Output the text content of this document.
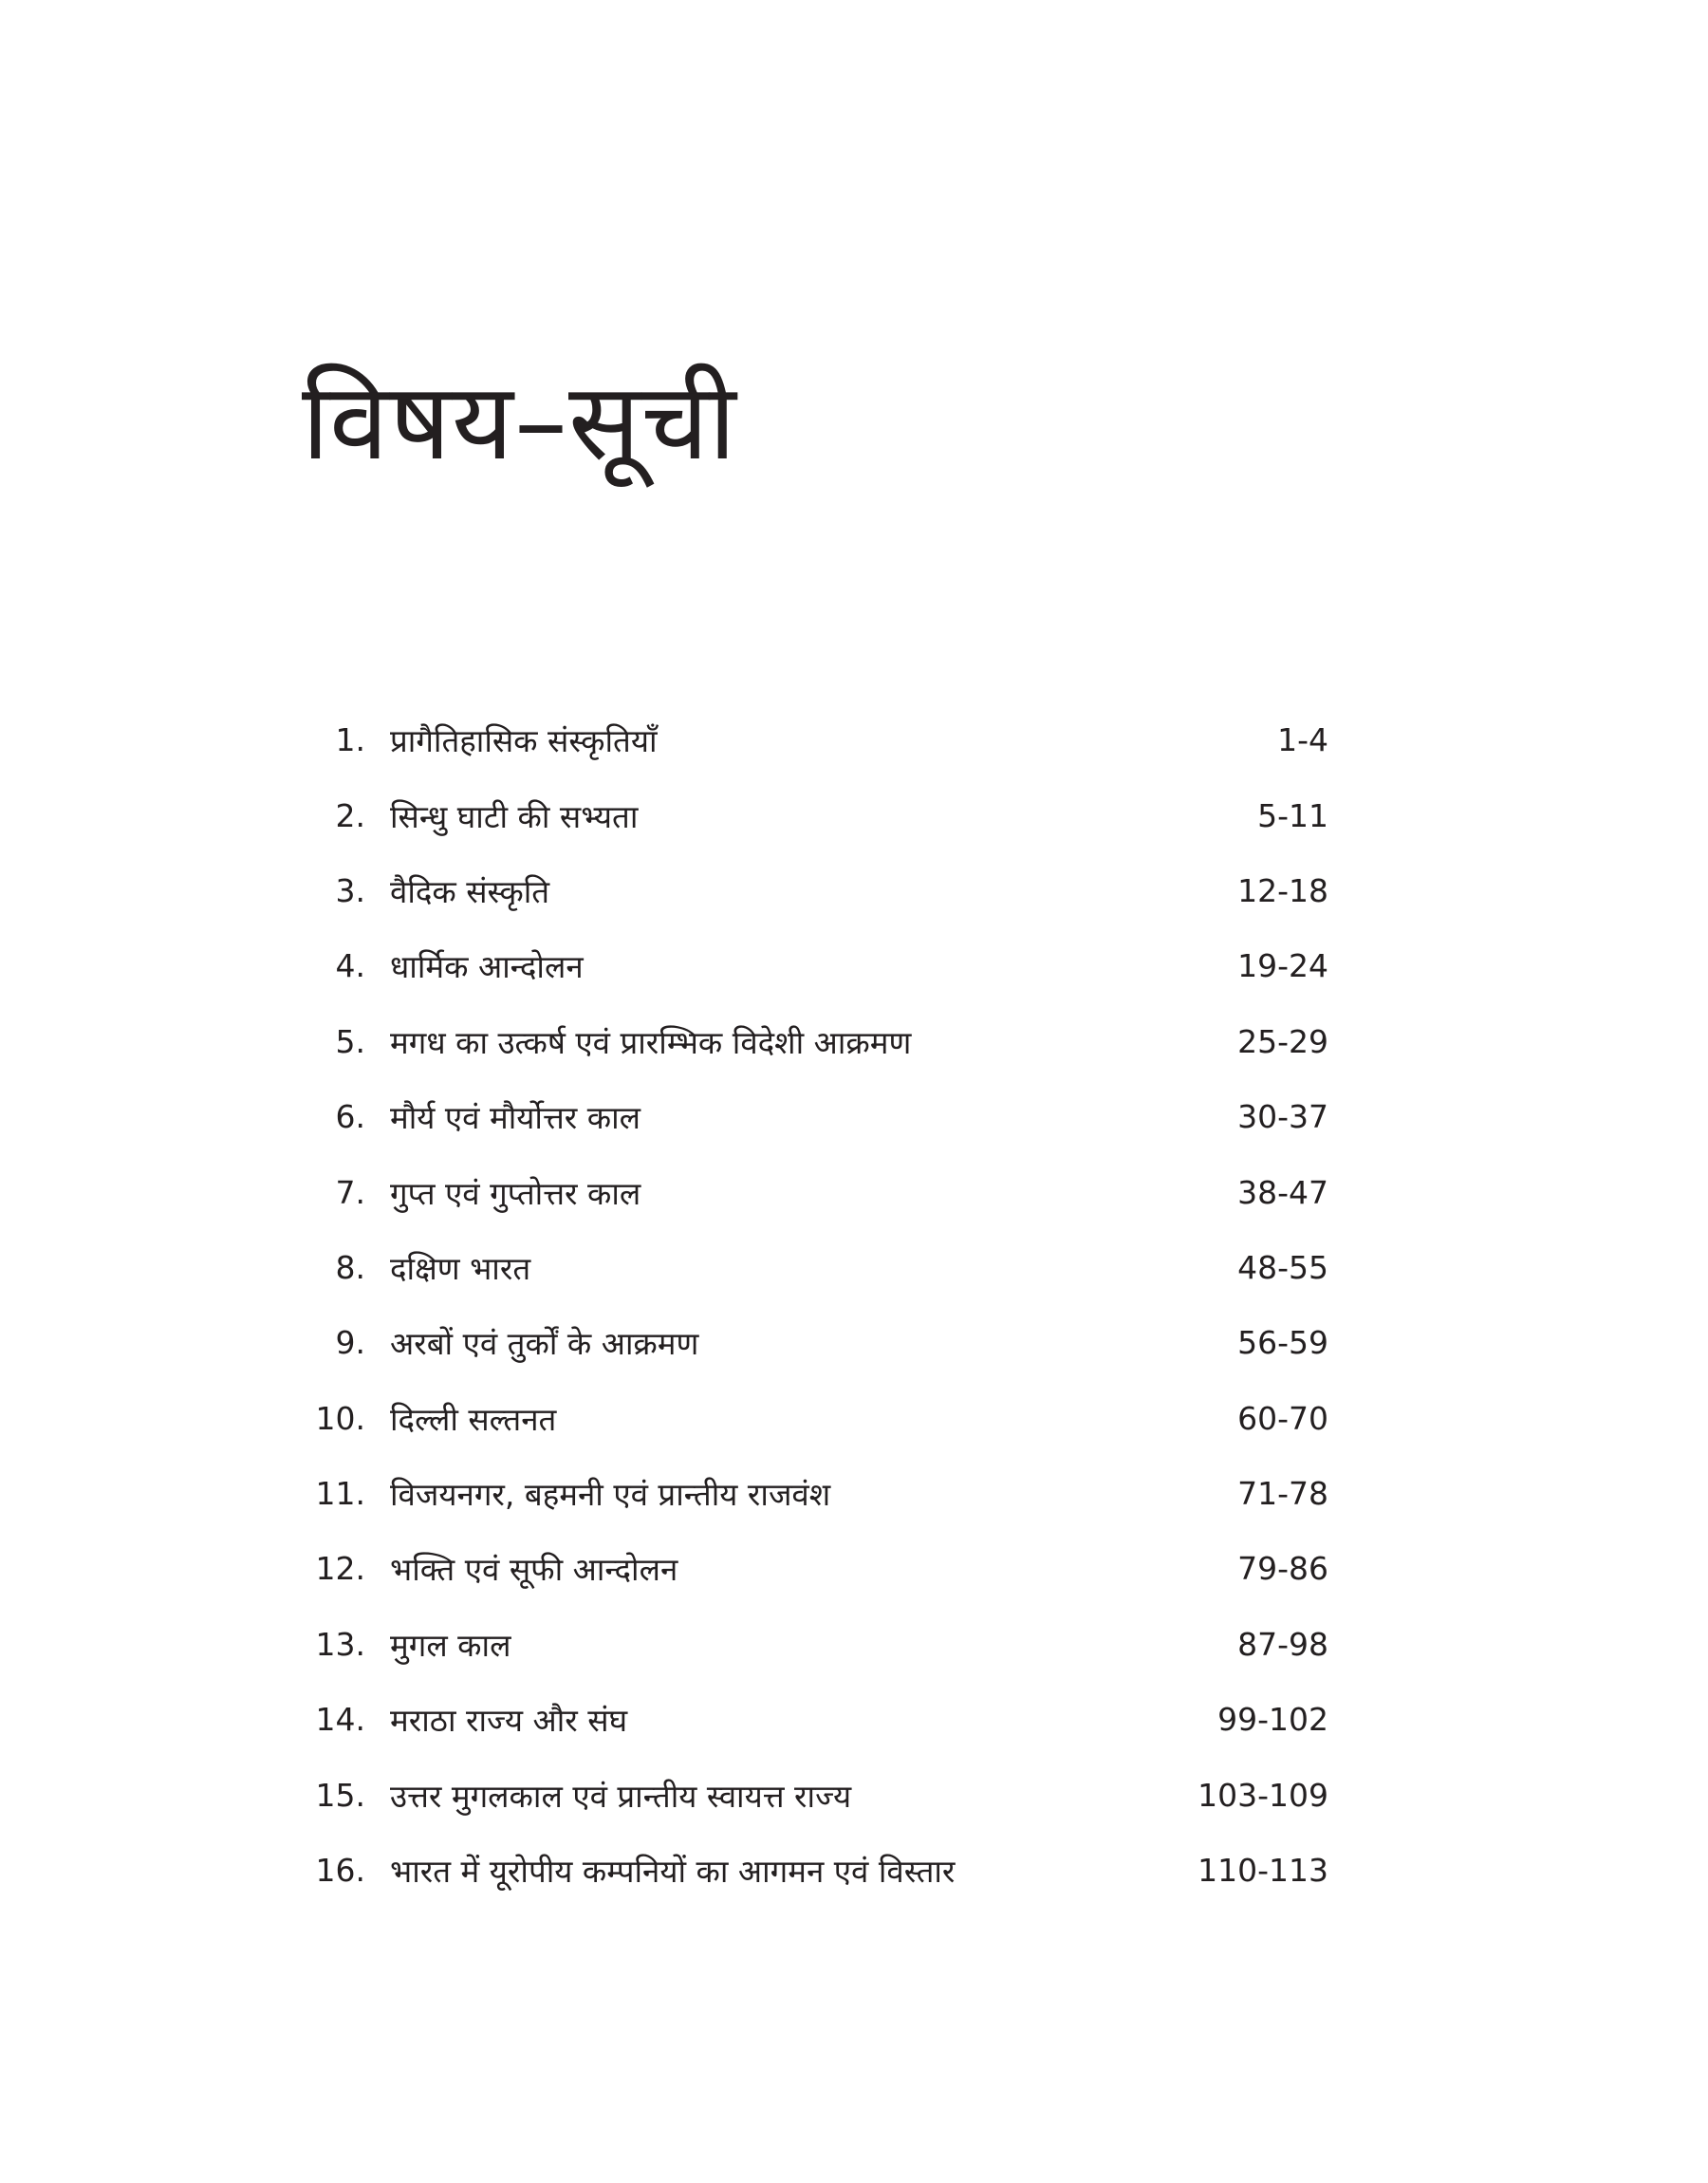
विषय–सूची
1. प्रागैतिहासिक संस्कृतियाँ	1-4
2. सिन्धु घाटी की सभ्यता	5-11
3. वैदिक संस्कृति	12-18
4. धार्मिक आन्दोलन	19-24
5. मगध का उत्कर्ष एवं प्रारम्भिक विदेशी आक्रमण	25-29
6. मौर्य एवं मौर्योत्तर काल	30-37
7. गुप्त एवं गुप्तोत्तर काल	38-47
8. दक्षिण भारत	48-55
9. अरबों एवं तुर्कों के आक्रमण	56-59
10. दिल्ली सल्तनत	60-70
11. विजयनगर, बहमनी एवं प्रान्तीय राजवंश	71-78
12. भक्ति एवं सूफी आन्दोलन	79-86
13. मुगल काल	87-98
14. मराठा राज्य और संघ	99-102
15. उत्तर मुगलकाल एवं प्रान्तीय स्वायत्त राज्य	103-109
16. भारत में यूरोपीय कम्पनियों का आगमन एवं विस्तार	110-113
